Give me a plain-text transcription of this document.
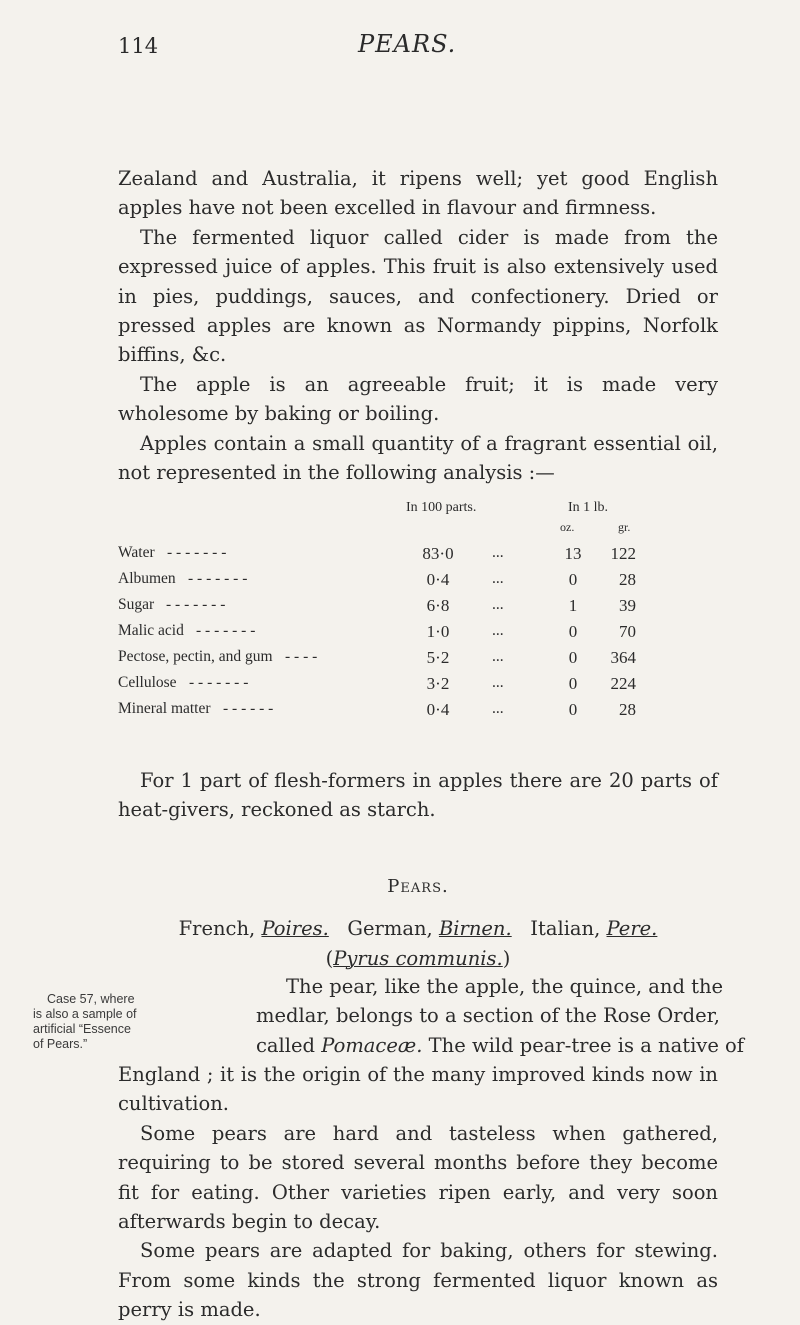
114	PEARS.

Zealand and Australia, it ripens well; yet good English apples have not been excelled in flavour and firmness.

The fermented liquor called cider is made from the expressed juice of apples. This fruit is also extensively used in pies, puddings, sauces, and confectionery. Dried or pressed apples are known as Normandy pippins, Norfolk biffins, &c.

The apple is an agreeable fruit; it is made very wholesome by baking or boiling.

Apples contain a small quantity of a fragrant essential oil, not represented in the following analysis :—

In 100 parts.	In 1 lb.
oz.	gr.
Water - - - - - - -	83·0	...	13	122
Albumen - - - - - - -	0·4	...	0	28
Sugar - - - - - - -	6·8	...	1	39
Malic acid - - - - - - -	1·0	...	0	70
Pectose, pectin, and gum - - - -	5·2	...	0	364
Cellulose - - - - - - -	3·2	...	0	224
Mineral matter - - - - - -	0·4	...	0	28

For 1 part of flesh-formers in apples there are 20 parts of heat-givers, reckoned as starch.

Pears.
French, Poires. German, Birnen. Italian, Pere.
(Pyrus communis.)
Case 57, where
is also a sample of
artificial “Essence
of Pears.”
The pear, like the apple, the quince, and the
medlar, belongs to a section of the Rose Order,
called Pomaceæ. The wild pear-tree is a native of

England ; it is the origin of the many improved kinds now in cultivation.

Some pears are hard and tasteless when gathered, requiring to be stored several months before they become fit for eating. Other varieties ripen early, and very soon afterwards begin to decay.

Some pears are adapted for baking, others for stewing. From some kinds the strong fermented liquor known as perry is made.
